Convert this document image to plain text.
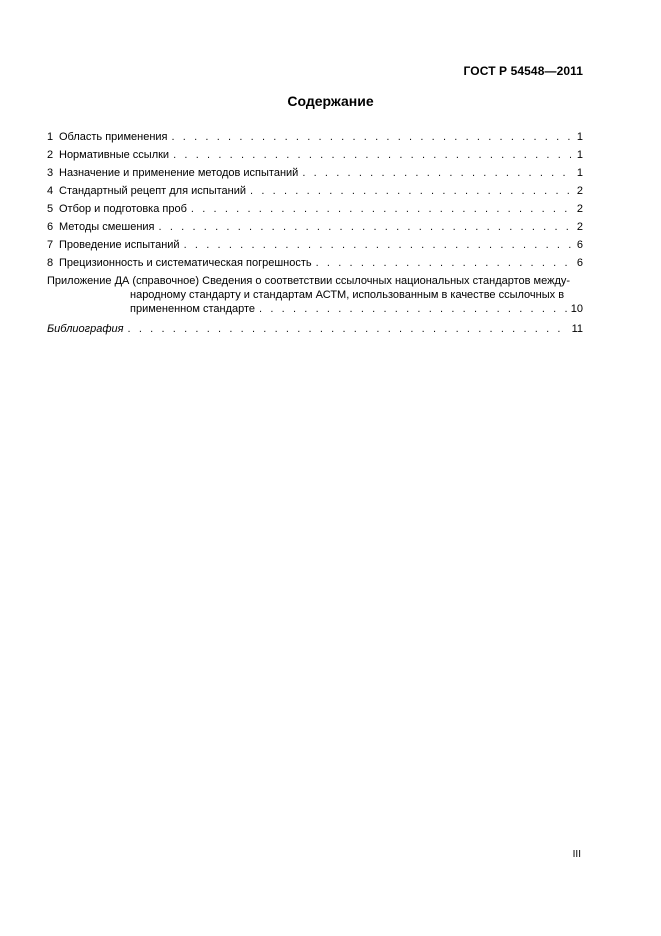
ГОСТ Р 54548—2011
Содержание
1 Область применения . . .	1
2 Нормативные ссылки . . .	1
3 Назначение и применение методов испытаний . . .	1
4 Стандартный рецепт для испытаний . . .	2
5 Отбор и подготовка проб . . .	2
6 Методы смешения . . .	2
7 Проведение испытаний . . .	6
8 Прецизионность и систематическая погрешность . . .	6
Приложение ДА (справочное) Сведения о соответствии ссылочных национальных стандартов между-
народному стандарту и стандартам АСТМ, использованным в качестве ссылочных в
примененном стандарте . . .	10
Библиография . . .	11
III
